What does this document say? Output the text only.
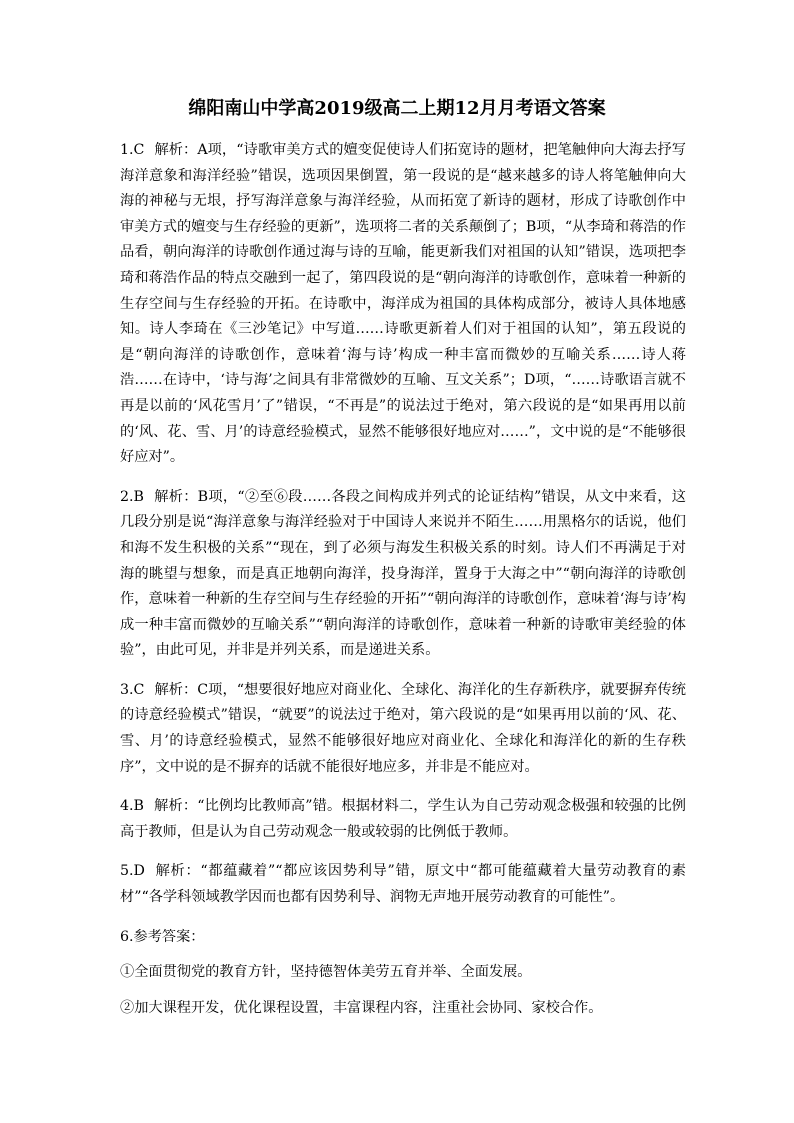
绵阳南山中学高2019级高二上期12月月考语文答案

1.C 解析：A项，“诗歌审美方式的嬗变促使诗人们拓宽诗的题材，把笔触伸向大海去抒写海洋意象和海洋经验”错误，选项因果倒置，第一段说的是“越来越多的诗人将笔触伸向大海的神秘与无垠，抒写海洋意象与海洋经验，从而拓宽了新诗的题材，形成了诗歌创作中审美方式的嬗变与生存经验的更新”，选项将二者的关系颠倒了；B项，“从李琦和蒋浩的作品看，朝向海洋的诗歌创作通过海与诗的互喻，能更新我们对祖国的认知”错误，选项把李琦和蒋浩作品的特点交融到一起了，第四段说的是“朝向海洋的诗歌创作，意味着一种新的生存空间与生存经验的开拓。在诗歌中，海洋成为祖国的具体构成部分，被诗人具体地感知。诗人李琦在《三沙笔记》中写道……诗歌更新着人们对于祖国的认知”，第五段说的是“朝向海洋的诗歌创作，意味着‘海与诗’构成一种丰富而微妙的互喻关系……诗人蒋浩……在诗中，‘诗与海’之间具有非常微妙的互喻、互文关系”；D项，“……诗歌语言就不再是以前的‘风花雪月’了”错误，“不再是”的说法过于绝对，第六段说的是“如果再用以前的‘风、花、雪、月’的诗意经验模式，显然不能够很好地应对……”，文中说的是“不能够很好应对”。

2.B 解析：B项，“②至⑥段……各段之间构成并列式的论证结构”错误，从文中来看，这几段分别是说“海洋意象与海洋经验对于中国诗人来说并不陌生……用黑格尔的话说，他们和海不发生积极的关系”“现在，到了必须与海发生积极关系的时刻。诗人们不再满足于对海的眺望与想象，而是真正地朝向海洋，投身海洋，置身于大海之中”“朝向海洋的诗歌创作，意味着一种新的生存空间与生存经验的开拓”“朝向海洋的诗歌创作，意味着‘海与诗’构成一种丰富而微妙的互喻关系”“朝向海洋的诗歌创作，意味着一种新的诗歌审美经验的体验”，由此可见，并非是并列关系，而是递进关系。

3.C 解析：C项，“想要很好地应对商业化、全球化、海洋化的生存新秩序，就要摒弃传统的诗意经验模式”错误，“就要”的说法过于绝对，第六段说的是“如果再用以前的‘风、花、雪、月’的诗意经验模式，显然不能够很好地应对商业化、全球化和海洋化的新的生存秩序”，文中说的是不摒弃的话就不能很好地应多，并非是不能应对。

4.B 解析：“比例均比教师高”错。根据材料二，学生认为自己劳动观念极强和较强的比例高于教师，但是认为自己劳动观念一般或较弱的比例低于教师。

5.D 解析：“都蕴藏着”“都应该因势利导”错，原文中“都可能蕴藏着大量劳动教育的素材”“各学科领域教学因而也都有因势利导、润物无声地开展劳动教育的可能性”。

6.参考答案：

①全面贯彻党的教育方针，坚持德智体美劳五育并举、全面发展。

②加大课程开发，优化课程设置，丰富课程内容，注重社会协同、家校合作。
